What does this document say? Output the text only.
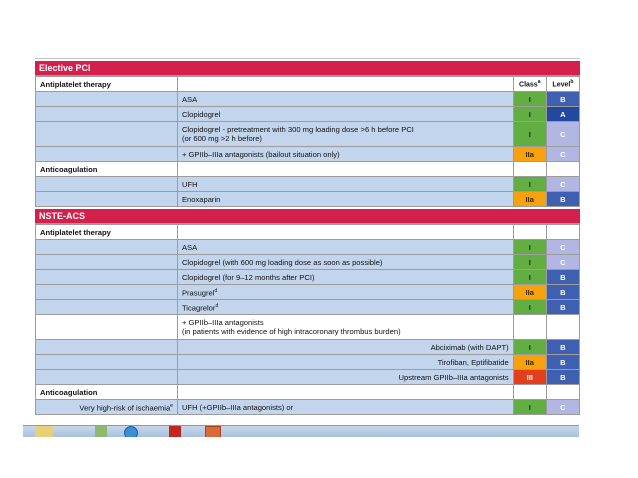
Elective PCI
Antiplatelet therapy		Class$^a$	Level$^b$
	ASA	I	B
	Clopidogrel	I	A

	Clopidogrel - pretreatment with 300 mg loading dose >6 h before PCI
(or 600 mg >2 h before)	I	C
	+ GPIIb–IIIa antagonists (bailout situation only)	IIa	C
Anticoagulation			
	UFH	I	C
	Enoxaparin	IIa	B
NSTE-ACS
Antiplatelet therapy			
	ASA	I	C
	Clopidogrel (with 600 mg loading dose as soon as possible)	I	C
	Clopidogrel (for 9–12 months after PCI)	I	B
	Prasugrel$^d$	IIa	B
	Ticagrelor$^d$	I	B

	+ GPIIb–IIIa antagonists
(in patients with evidence of high intracoronary thrombus burden)		

	Abciximab (with DAPT)	I	B
	Tirofiban, Eptifibatide	IIa	B
	Upstream GPIIb–IIIa antagonists	III	B
Anticoagulation			
Very high-risk of ischaemia$^e$	UFH (+GPIIb–IIIa antagonists) or	I	C
